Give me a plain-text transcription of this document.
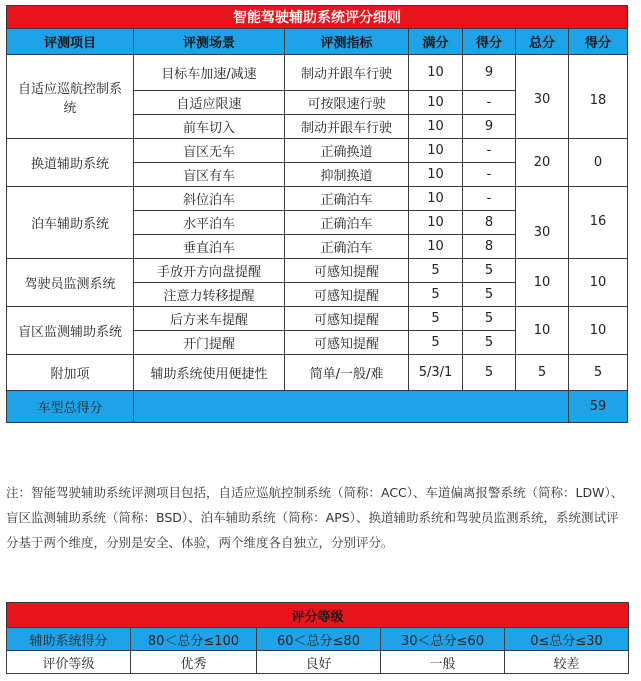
智能驾驶辅助系统评分细则						
评测项目	评测场景	评测指标	满分	得分	总分	得分
自适应巡航控制系统	目标车加速/减速	制动并跟车行驶	10	9	30	18
	自适应限速	可按限速行驶	10	-		
	前车切入	制动并跟车行驶	10	9		
换道辅助系统	盲区无车	正确换道	10	-	20	0
	盲区有车	抑制换道	10	-		
泊车辅助系统	斜位泊车	正确泊车	10	-	30	16
	水平泊车	正确泊车	10	8		
	垂直泊车	正确泊车	10	8		
驾驶员监测系统	手放开方向盘提醒	可感知提醒	5	5	10	10
	注意力转移提醒	可感知提醒	5	5		
盲区监测辅助系统	后方来车提醒	可感知提醒	5	5	10	10
	开门提醒	可感知提醒	5	5		
附加项	辅助系统使用便捷性	简单/一般/难	5/3/1	5	5	5
车型总得分						59

注：智能驾驶辅助系统评测项目包括，自适应巡航控制系统（简称：ACC）、车道偏离报警系统（简称：LDW）、盲区监测辅助系统（简称：BSD）、泊车辅助系统（简称：APS）、换道辅助系统和驾驶员监测系统，系统测试评分基于两个维度，分别是安全、体验，两个维度各自独立，分别评分。

评分等级				
辅助系统得分	80＜总分≤100	60＜总分≤80	30＜总分≤60	0≤总分≤30
评价等级	优秀	良好	一般	较差
